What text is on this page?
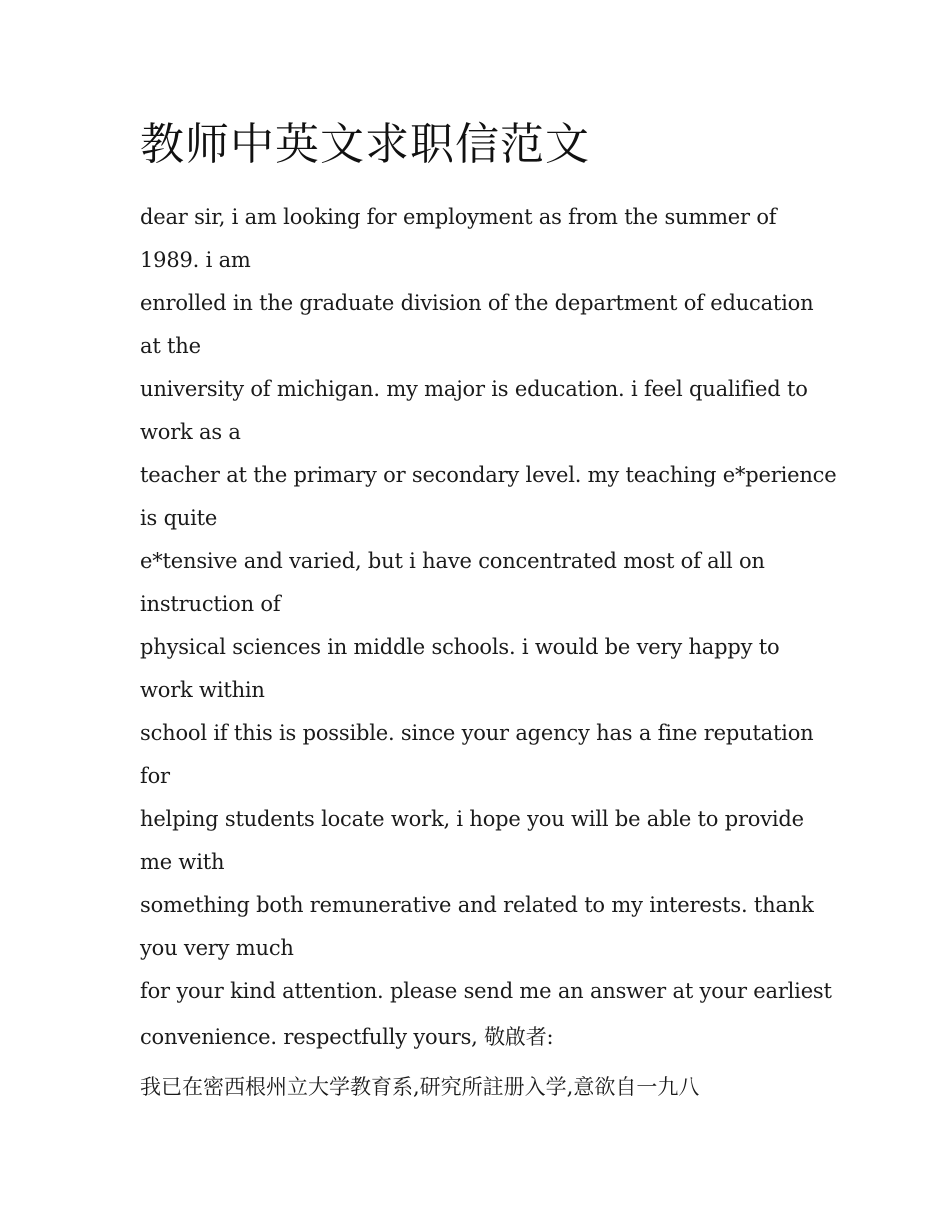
教师中英文求职信范文
dear sir, i am looking for employment as from the summer of
1989. i am
enrolled in the graduate division of the department of education
at the
university of michigan. my major is education. i feel qualified to
work as a
teacher at the primary or secondary level. my teaching e*perience
is quite
e*tensive and varied, but i have concentrated most of all on
instruction of
physical sciences in middle schools. i would be very happy to
work within
school if this is possible. since your agency has a fine reputation
for
helping students locate work, i hope you will be able to provide
me with
something both remunerative and related to my interests. thank
you very much
for your kind attention. please send me an answer at your earliest
convenience. respectfully yours, 敬啟者:
我已在密西根州立大学教育系,研究所註册入学,意欲自一九八
